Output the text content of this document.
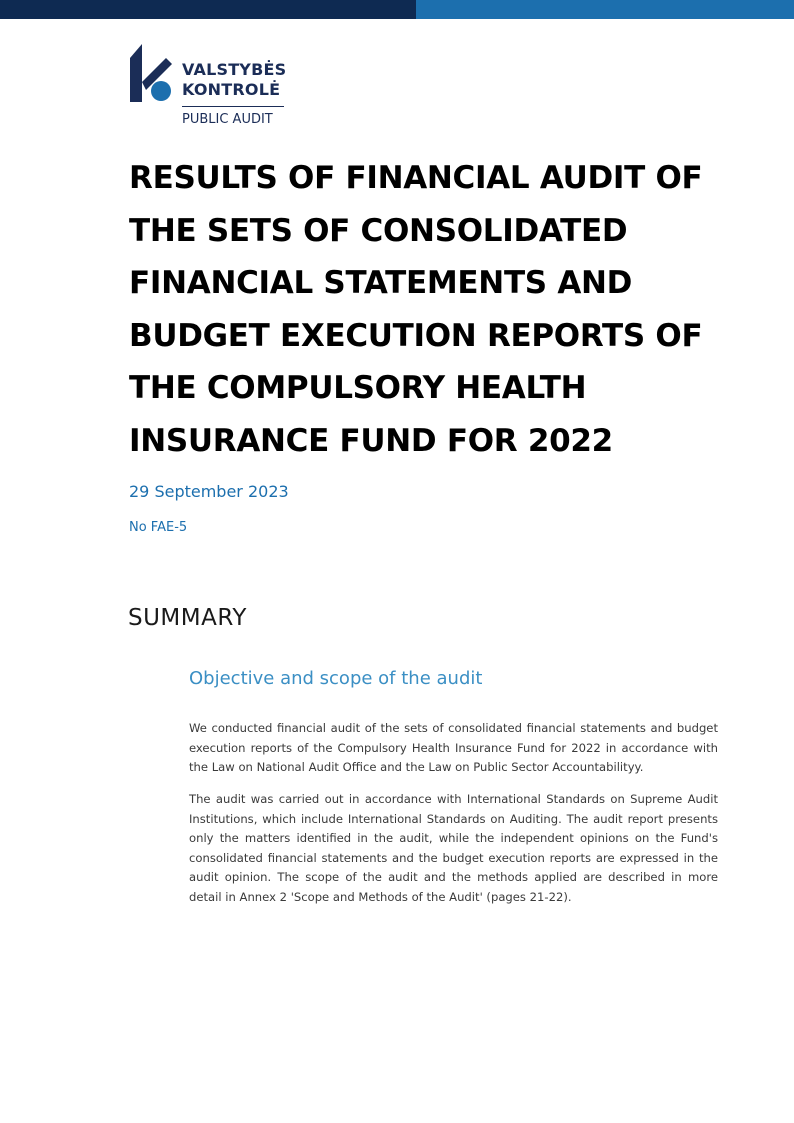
VALSTYBĖS
KONTROLĖ
PUBLIC AUDIT
RESULTS OF FINANCIAL AUDIT OF
THE SETS OF CONSOLIDATED
FINANCIAL STATEMENTS AND
BUDGET EXECUTION REPORTS OF
THE COMPULSORY HEALTH
INSURANCE FUND FOR 2022
29 September 2023
No FAE-5
SUMMARY
Objective and scope of the audit

We conducted financial audit of the sets of consolidated financial statements and budget execution reports of the Compulsory Health Insurance Fund for 2022 in accordance with the Law on National Audit Office and the Law on Public Sector Accountabilityy.

The audit was carried out in accordance with International Standards on Supreme Audit Institutions, which include International Standards on Auditing. The audit report presents only the matters identified in the audit, while the independent opinions on the Fund's consolidated financial statements and the budget execution reports are expressed in the audit opinion. The scope of the audit and the methods applied are described in more detail in Annex 2 'Scope and Methods of the Audit' (pages 21-22).
